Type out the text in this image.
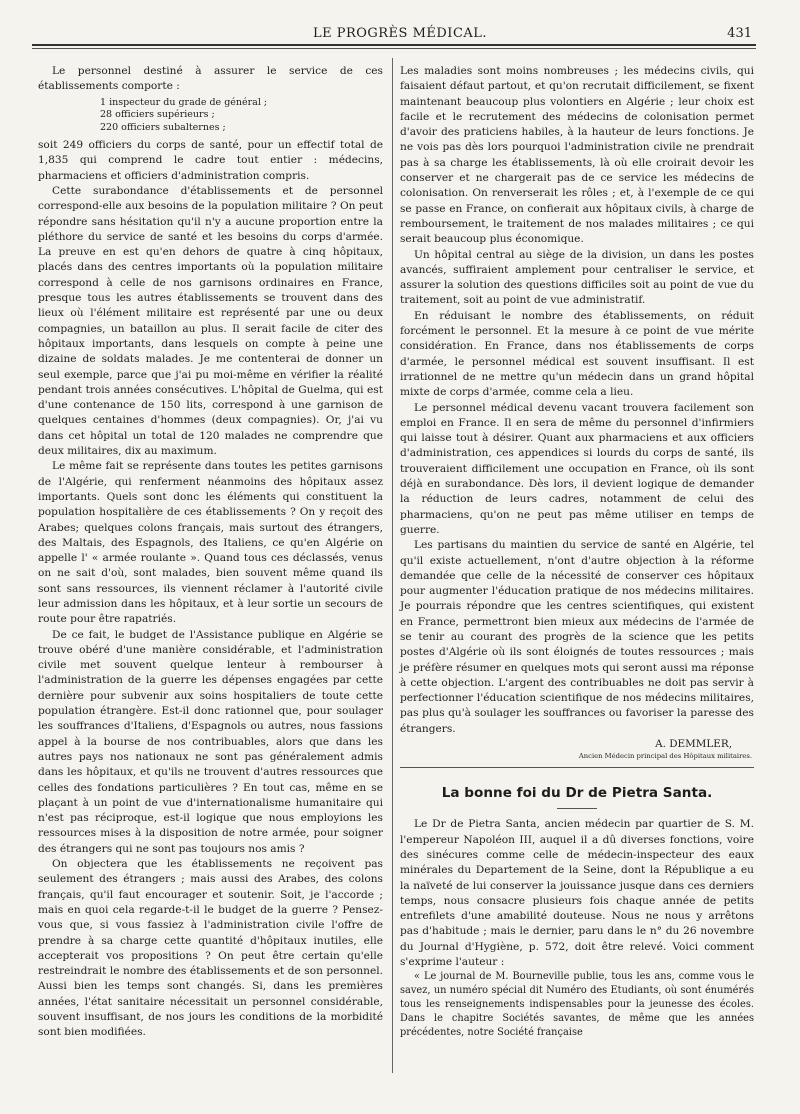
LE PROGRÈS MÉDICAL.	431

Le personnel destiné à assurer le service de ces établissements comporte :

1 inspecteur du grade de général ;
28 officiers supérieurs ;
220 officiers subalternes ;

soit 249 officiers du corps de santé, pour un effectif total de 1,835 qui comprend le cadre tout entier : médecins, pharmaciens et officiers d'administration compris.

Cette surabondance d'établissements et de personnel correspond-elle aux besoins de la population militaire ? On peut répondre sans hésitation qu'il n'y a aucune proportion entre la pléthore du service de santé et les besoins du corps d'armée. La preuve en est qu'en dehors de quatre à cinq hôpitaux, placés dans des centres importants où la population militaire correspond à celle de nos garnisons ordinaires en France, presque tous les autres établissements se trouvent dans des lieux où l'élément militaire est représenté par une ou deux compagnies, un bataillon au plus. Il serait facile de citer des hôpitaux importants, dans lesquels on compte à peine une dizaine de soldats malades. Je me contenterai de donner un seul exemple, parce que j'ai pu moi-même en vérifier la réalité pendant trois années consécutives. L'hôpital de Guelma, qui est d'une contenance de 150 lits, correspond à une garnison de quelques centaines d'hommes (deux compagnies). Or, j'ai vu dans cet hôpital un total de 120 malades ne comprendre que deux militaires, dix au maximum.

Le même fait se représente dans toutes les petites garnisons de l'Algérie, qui renferment néanmoins des hôpitaux assez importants. Quels sont donc les éléments qui constituent la population hospitalière de ces établissements ? On y reçoit des Arabes; quelques colons français, mais surtout des étrangers, des Maltais, des Espagnols, des Italiens, ce qu'en Algérie on appelle l' « armée roulante ». Quand tous ces déclassés, venus on ne sait d'où, sont malades, bien souvent même quand ils sont sans ressources, ils viennent réclamer à l'autorité civile leur admission dans les hôpitaux, et à leur sortie un secours de route pour être rapatriés.

De ce fait, le budget de l'Assistance publique en Algérie se trouve obéré d'une manière considérable, et l'administration civile met souvent quelque lenteur à rembourser à l'administration de la guerre les dépenses engagées par cette dernière pour subvenir aux soins hospitaliers de toute cette population étrangère. Est-il donc rationnel que, pour soulager les souffrances d'Italiens, d'Espagnols ou autres, nous fassions appel à la bourse de nos contribuables, alors que dans les autres pays nos nationaux ne sont pas généralement admis dans les hôpitaux, et qu'ils ne trouvent d'autres ressources que celles des fondations particulières ? En tout cas, même en se plaçant à un point de vue d'internationalisme humanitaire qui n'est pas réciproque, est-il logique que nous employions les ressources mises à la disposition de notre armée, pour soigner des étrangers qui ne sont pas toujours nos amis ?

On objectera que les établissements ne reçoivent pas seulement des étrangers ; mais aussi des Arabes, des colons français, qu'il faut encourager et soutenir. Soit, je l'accorde ; mais en quoi cela regarde-t-il le budget de la guerre ? Pensez-vous que, si vous fassiez à l'administration civile l'offre de prendre à sa charge cette quantité d'hôpitaux inutiles, elle accepterait vos propositions ? On peut être certain qu'elle restreindrait le nombre des établissements et de son personnel. Aussi bien les temps sont changés. Si, dans les premières années, l'état sanitaire nécessitait un personnel considérable, souvent insuffisant, de nos jours les conditions de la morbidité sont bien modifiées.

Les maladies sont moins nombreuses ; les médecins civils, qui faisaient défaut partout, et qu'on recrutait difficilement, se fixent maintenant beaucoup plus volontiers en Algérie ; leur choix est facile et le recrutement des médecins de colonisation permet d'avoir des praticiens habiles, à la hauteur de leurs fonctions. Je ne vois pas dès lors pourquoi l'administration civile ne prendrait pas à sa charge les établissements, là où elle croirait devoir les conserver et ne chargerait pas de ce service les médecins de colonisation. On renverserait les rôles ; et, à l'exemple de ce qui se passe en France, on confierait aux hôpitaux civils, à charge de remboursement, le traitement de nos malades militaires ; ce qui serait beaucoup plus économique.

Un hôpital central au siège de la division, un dans les postes avancés, suffiraient amplement pour centraliser le service, et assurer la solution des questions difficiles soit au point de vue du traitement, soit au point de vue administratif.

En réduisant le nombre des établissements, on réduit forcément le personnel. Et la mesure à ce point de vue mérite considération. En France, dans nos établissements de corps d'armée, le personnel médical est souvent insuffisant. Il est irrationnel de ne mettre qu'un médecin dans un grand hôpital mixte de corps d'armée, comme cela a lieu.

Le personnel médical devenu vacant trouvera facilement son emploi en France. Il en sera de même du personnel d'infirmiers qui laisse tout à désirer. Quant aux pharmaciens et aux officiers d'administration, ces appendices si lourds du corps de santé, ils trouveraient difficilement une occupation en France, où ils sont déjà en surabondance. Dès lors, il devient logique de demander la réduction de leurs cadres, notamment de celui des pharmaciens, qu'on ne peut pas même utiliser en temps de guerre.

Les partisans du maintien du service de santé en Algérie, tel qu'il existe actuellement, n'ont d'autre objection à la réforme demandée que celle de la nécessité de conserver ces hôpitaux pour augmenter l'éducation pratique de nos médecins militaires. Je pourrais répondre que les centres scientifiques, qui existent en France, permettront bien mieux aux médecins de l'armée de se tenir au courant des progrès de la science que les petits postes d'Algérie où ils sont éloignés de toutes ressources ; mais je préfère résumer en quelques mots qui seront aussi ma réponse à cette objection. L'argent des contribuables ne doit pas servir à perfectionner l'éducation scientifique de nos médecins militaires, pas plus qu'à soulager les souffrances ou favoriser la paresse des étrangers.

A. DEMMLER,
Ancien Médecin principal des Hôpitaux militaires.
La bonne foi du Dr de Pietra Santa.

Le Dr de Pietra Santa, ancien médecin par quartier de S. M. l'empereur Napoléon III, auquel il a dû diverses fonctions, voire des sinécures comme celle de médecin-inspecteur des eaux minérales du Departement de la Seine, dont la République a eu la naïveté de lui conserver la jouissance jusque dans ces derniers temps, nous consacre plusieurs fois chaque année de petits entrefilets d'une amabilité douteuse. Nous ne nous y arrêtons pas d'habitude ; mais le dernier, paru dans le n° du 26 novembre du Journal d'Hygiène, p. 572, doit être relevé. Voici comment s'exprime l'auteur :

« Le journal de M. Bourneville publie, tous les ans, comme vous le savez, un numéro spécial dit Numéro des Etudiants, où sont énumérés tous les renseignements indispensables pour la jeunesse des écoles. Dans le chapitre Sociétés savantes, de même que les années précédentes, notre Société française
